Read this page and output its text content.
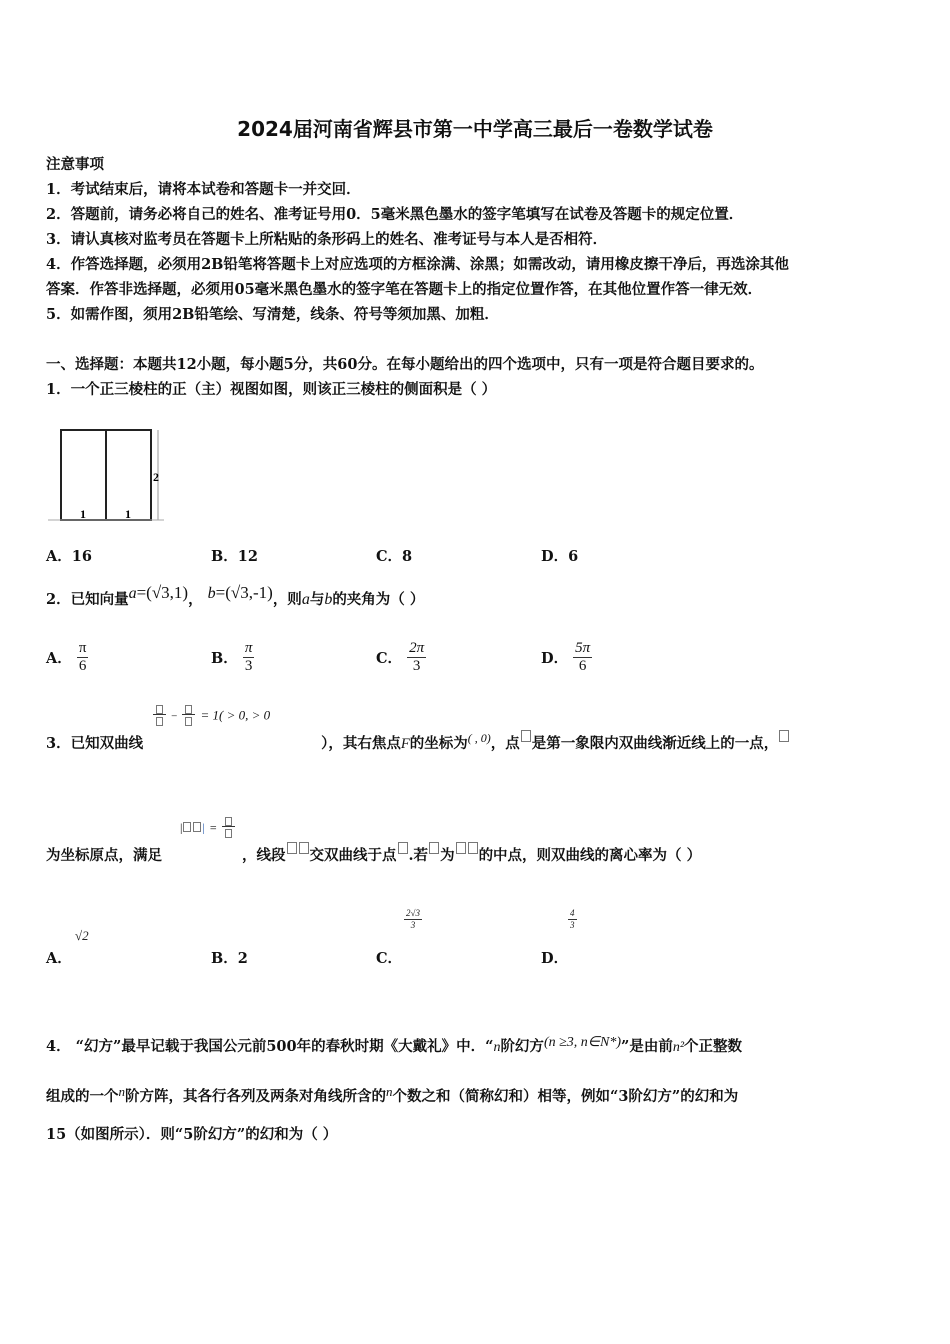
2024届河南省辉县市第一中学高三最后一卷数学试卷
注意事项
1．考试结束后，请将本试卷和答题卡一并交回．
2．答题前，请务必将自己的姓名、准考证号用0．5毫米黑色墨水的签字笔填写在试卷及答题卡的规定位置．
3．请认真核对监考员在答题卡上所粘贴的条形码上的姓名、准考证号与本人是否相符．
4．作答选择题，必须用2B铅笔将答题卡上对应选项的方框涂满、涂黑；如需改动，请用橡皮擦干净后，再选涂其他
答案．作答非选择题，必须用05毫米黑色墨水的签字笔在答题卡上的指定位置作答，在其他位置作答一律无效．
5．如需作图，须用2B铅笔绘、写清楚，线条、符号等须加黑、加粗．
一、选择题：本题共12小题，每小题5分，共60分。在每小题给出的四个选项中，只有一项是符合题目要求的。
1．一个正三棱柱的正（主）视图如图，则该正三棱柱的侧面积是（ ）
1	1
2
A．16	B．12	C．8	D．6
2．已知向量a=(√3,1)， b=(√3,-1)，则a与b的夹角为（ ）
A． $\frac{\pi}{6}$	B． $\frac{\pi}{3}$	C． $\frac{2\pi}{3}$	D． $\frac{5\pi}{6}$
− = 1( > 0, > 0
3．已知双曲线	），其右焦点F的坐标为$^{( , 0)}$，点 是第一象限内双曲线渐近线上的一点，
| | =
为坐标原点，满足	，线段 交双曲线于点 .若 为 的中点，则双曲线的离心率为（ ）
A．
√2
B．2	C．
$\frac{2√3}{3}$
D．
$\frac{4}{3}$
4． “幻方”最早记载于我国公元前500年的春秋时期《大戴礼》中．“n阶幻方(n ≥3, n∈N*)”是由前n²个正整数
组成的一个n阶方阵，其各行各列及两条对角线所含的n个数之和（简称幻和）相等，例如“3阶幻方”的幻和为
15（如图所示）．则“5阶幻方”的幻和为（ ）
